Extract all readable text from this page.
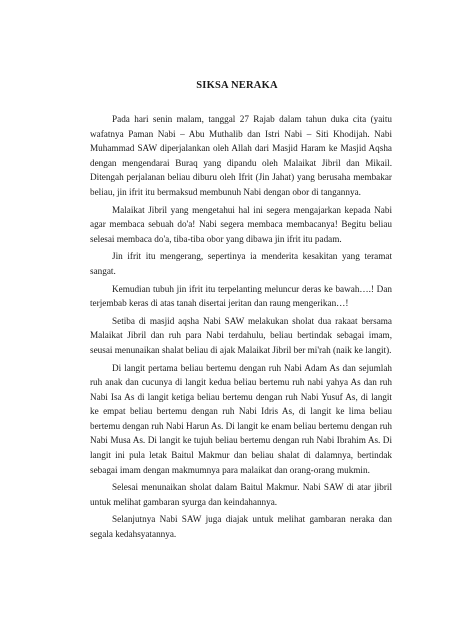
SIKSA NERAKA

Pada hari senin malam, tanggal 27 Rajab dalam tahun duka cita (yaitu wafatnya Paman Nabi – Abu Muthalib dan Istri Nabi – Siti Khodijah. Nabi Muhammad SAW diperjalankan oleh Allah dari Masjid Haram ke Masjid Aqsha dengan mengendarai Buraq yang dipandu oleh Malaikat Jibril dan Mikail. Ditengah perjalanan beliau diburu oleh Ifrit (Jin Jahat) yang berusaha membakar beliau, jin ifrit itu bermaksud membunuh Nabi dengan obor di tangannya.

Malaikat Jibril yang mengetahui hal ini segera mengajarkan kepada Nabi agar membaca sebuah do'a! Nabi segera membaca membacanya! Begitu beliau selesai membaca do'a, tiba-tiba obor yang dibawa jin ifrit itu padam.

Jin ifrit itu mengerang, sepertinya ia menderita kesakitan yang teramat sangat.

Kemudian tubuh jin ifrit itu terpelanting meluncur deras ke bawah….! Dan terjembab keras di atas tanah disertai jeritan dan raung mengerikan…!

Setiba di masjid aqsha Nabi SAW melakukan sholat dua rakaat bersama Malaikat Jibril dan ruh para Nabi terdahulu, beliau bertindak sebagai imam, seusai menunaikan shalat beliau di ajak Malaikat Jibril ber mi'rah (naik ke langit).

Di langit pertama beliau bertemu dengan ruh Nabi Adam As dan sejumlah ruh anak dan cucunya di langit kedua beliau bertemu ruh nabi yahya As dan ruh Nabi Isa As di langit ketiga beliau bertemu dengan ruh Nabi Yusuf As, di langit ke empat beliau bertemu dengan ruh Nabi Idris As, di langit ke lima beliau bertemu dengan ruh Nabi Harun As. Di langit ke enam beliau bertemu dengan ruh Nabi Musa As. Di langit ke tujuh beliau bertemu dengan ruh Nabi Ibrahim As. Di langit ini pula letak Baitul Makmur dan beliau shalat di dalamnya, bertindak sebagai imam dengan makmumnya para malaikat dan orang-orang mukmin.

Selesai menunaikan sholat dalam Baitul Makmur. Nabi SAW di atar jibril untuk melihat gambaran syurga dan keindahannya.

Selanjutnya Nabi SAW juga diajak untuk melihat gambaran neraka dan segala kedahsyatannya.
